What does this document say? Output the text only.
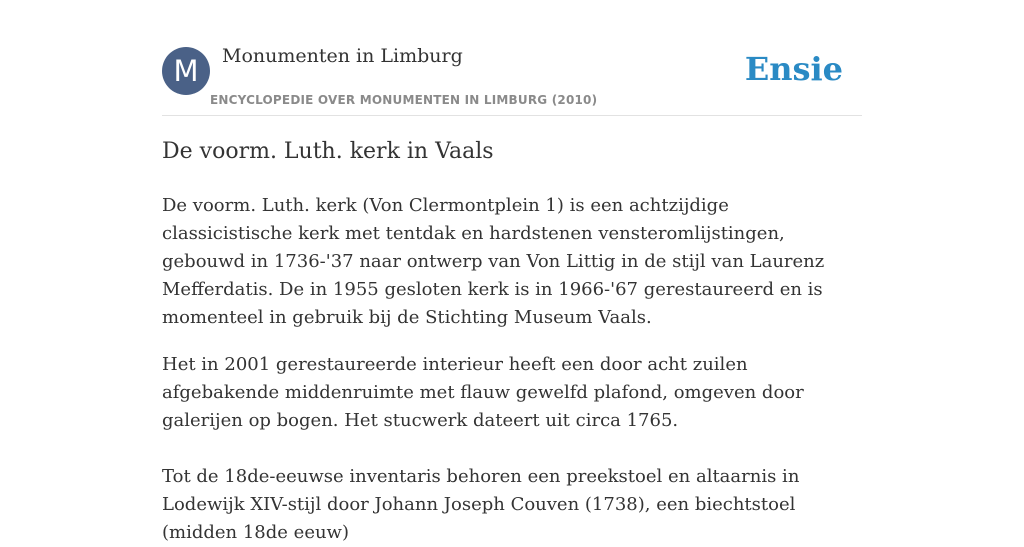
M	Monumenten in Limburg
ENCYCLOPEDIE OVER MONUMENTEN IN LIMBURG (2010)
Ensie
De voorm. Luth. kerk in Vaals

De voorm. Luth. kerk (Von Clermontplein 1) is een achtzijdige classicistische kerk met tentdak en hardstenen vensteromlijstingen, gebouwd in 1736-'37 naar ontwerp van Von Littig in de stijl van Laurenz Mefferdatis. De in 1955 gesloten kerk is in 1966-'67 gerestaureerd en is momenteel in gebruik bij de Stichting Museum Vaals.

Het in 2001 gerestaureerde interieur heeft een door acht zuilen afgebakende middenruimte met flauw gewelfd plafond, omgeven door galerijen op bogen. Het stucwerk dateert uit circa 1765.

Tot de 18de-eeuwse inventaris behoren een preekstoel en altaarnis in Lodewijk XIV-stijl door Johann Joseph Couven (1738), een biechtstoel (midden 18de eeuw)
